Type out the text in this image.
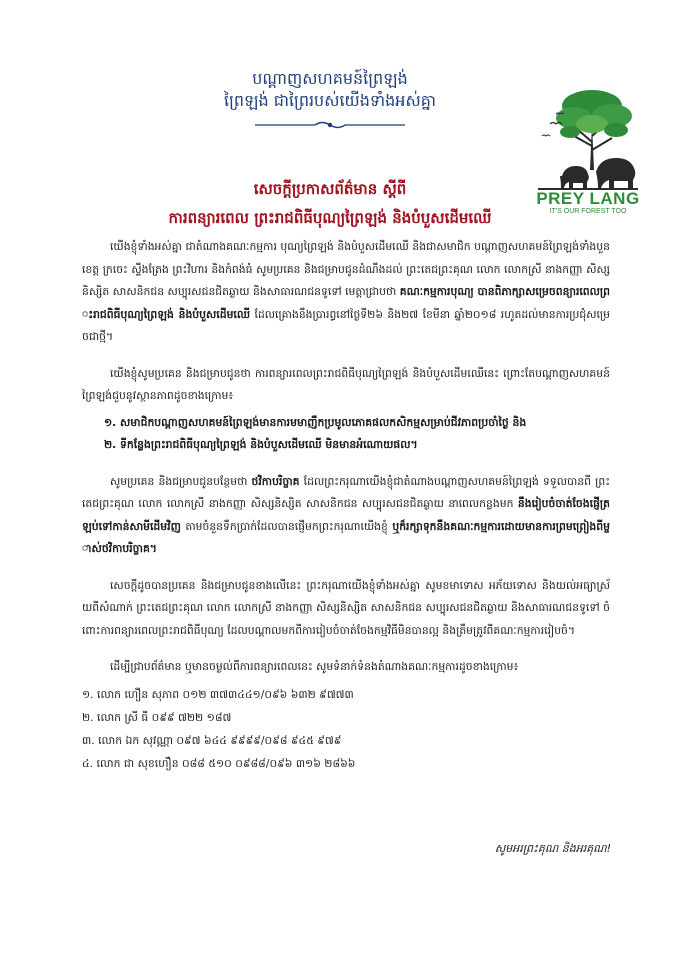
បណ្ដាញសហគមន៍ព្រៃឡង់
ព្រៃឡង់ ជាព្រៃរបស់យើងទាំងអស់គ្នា
PREY LANG
IT'S OUR FOREST TOO
សេចក្ដីប្រកាសព័ត៌មាន ស្ដីពី
ការពន្យារពេល ព្រះរាជពិធីបុណ្យព្រៃឡង់ និងបំបួសដើមឈើ

យើងខ្ញុំទាំងអស់គ្នា ជាតំណាងគណៈកម្មការ បុណ្យព្រៃឡង់ និងបំបួសដើមឈើ និងជាសមាជិក បណ្ដាញសហគមន៍ព្រៃឡង់ទាំងបួនខេត្ត ក្រចេះ ស្ទឹងត្រែង ព្រះវិហារ និងកំពង់ធំ សូមប្រគេន និងជម្រាបជូនដំណឹងដល់ ព្រះតេជព្រះគុណ លោក លោកស្រី នាងកញ្ញា សិស្សនិស្សិត សាសនិកជន សប្បុរសជនជិតឆ្ងាយ និងសាធារណជនទូទៅ មេត្តាជ្រាបថា គណៈកម្មការបុណ្យ បានពិភាក្សាសម្រេចពន្យារពេលព្រះរាជពិធីបុណ្យព្រៃឡង់ និងបំបួសដើមឈើ ដែលគ្រោងនឹងប្រារព្ធនៅថ្ងៃទី២៦ និង២៧ ខែមីនា ឆ្នាំ២០១៨ រហូតដល់មានការប្រជុំសម្រេចជាថ្មី។

យើងខ្ញុំសូមប្រគេន និងជម្រាបជូនថា ការពន្យារពេលព្រះរាជពិធីបុណ្យព្រៃឡង់ និងបំបួសដើមឈើនេះ ព្រោះតែបណ្ដាញសហគមន៍ព្រៃឡង់ជួបនូវស្ថានភាពដូចខាងក្រោម៖

១. សមាជិកបណ្ដាញសហគមន៍ព្រៃឡង់មានការមមាញឹកប្រមូលភោគផលកសិកម្មសម្រាប់ជីវភាពប្រចាំថ្ងៃ និង
២. ទីកន្លែងព្រះរាជពិធីបុណ្យព្រៃឡង់ និងបំបួសដើមឈើ មិនមានអំណោយផល។

សូមប្រគេន និងជម្រាបជូនបន្ថែមថា ថវិកាបរិច្ចាគ ដែលព្រះករុណាយើងខ្ញុំជាតំណាងបណ្ដាញសហគមន៍ព្រៃឡង់ ទទួលបានពី ព្រះតេជព្រះគុណ លោក លោកស្រី នាងកញ្ញា សិស្សនិស្សិត សាសនិកជន សប្បុរសជនជិតឆ្ងាយ នាពេលកន្លងមក នឹងរៀបចំចាត់ចែងផ្ញើត្រឡប់ទៅកាន់សាមីដើមវិញ តាមចំនួនទឹកប្រាក់ដែលបានផ្ញើមកព្រះករុណាយើងខ្ញុំ ឬក៏រក្សាទុកនឹងគណៈកម្មការដោយមានការព្រមព្រៀងពីម្ចាស់ថវិកាបរិច្ចាគ។

សេចក្ដីដូចបានប្រគេន និងជម្រាបជូនខាងលើនេះ ព្រះករុណាយើងខ្ញុំទាំងអស់គ្នា សូមខមាទោស អភ័យទោស និងយល់អធ្យាស្រ័យពីសំណាក់ ព្រះតេជព្រះគុណ លោក លោកស្រី នាងកញ្ញា សិស្សនិស្សិត សាសនិកជន សប្បុរសជនជិតឆ្ងាយ និងសាធារណជនទូទៅ ចំពោះការពន្យារពេលព្រះរាជពិធីបុណ្យ ដែលបណ្ដាលមកពីការរៀបចំចាត់ចែងកម្មវិធីមិនបានល្អ និងត្រឹមត្រូវពីគណៈកម្មការរៀបចំ។

ដើម្បីជ្រាបព័ត៌មាន ឬមានចម្ងល់ពីការពន្យារពេលនេះ សូមទំនាក់ទំនងតំណាងគណៈកម្មការដូចខាងក្រោម៖

១. លោក ហឿន សុភាព ០១២ ៣៧៣៤៤១/០៩៦ ៦៣២ ៩៧៧៣
២. លោក ស្រី ធី ០៩៩ ៧២២ ១៨៧
៣. លោក ឯក សុវណ្ណា ០៩៧ ៦៤៤ ៩៩៩៩/០៩៨ ៩៤៥ ៩៧៩
៤. លោក ជា សុខហឿន ០៨៨ ៥១០ ០៩៨៨/០៩៦ ៣១៦ ២៨៦៦
សូមអរព្រះគុណ និងអរគុណ!
